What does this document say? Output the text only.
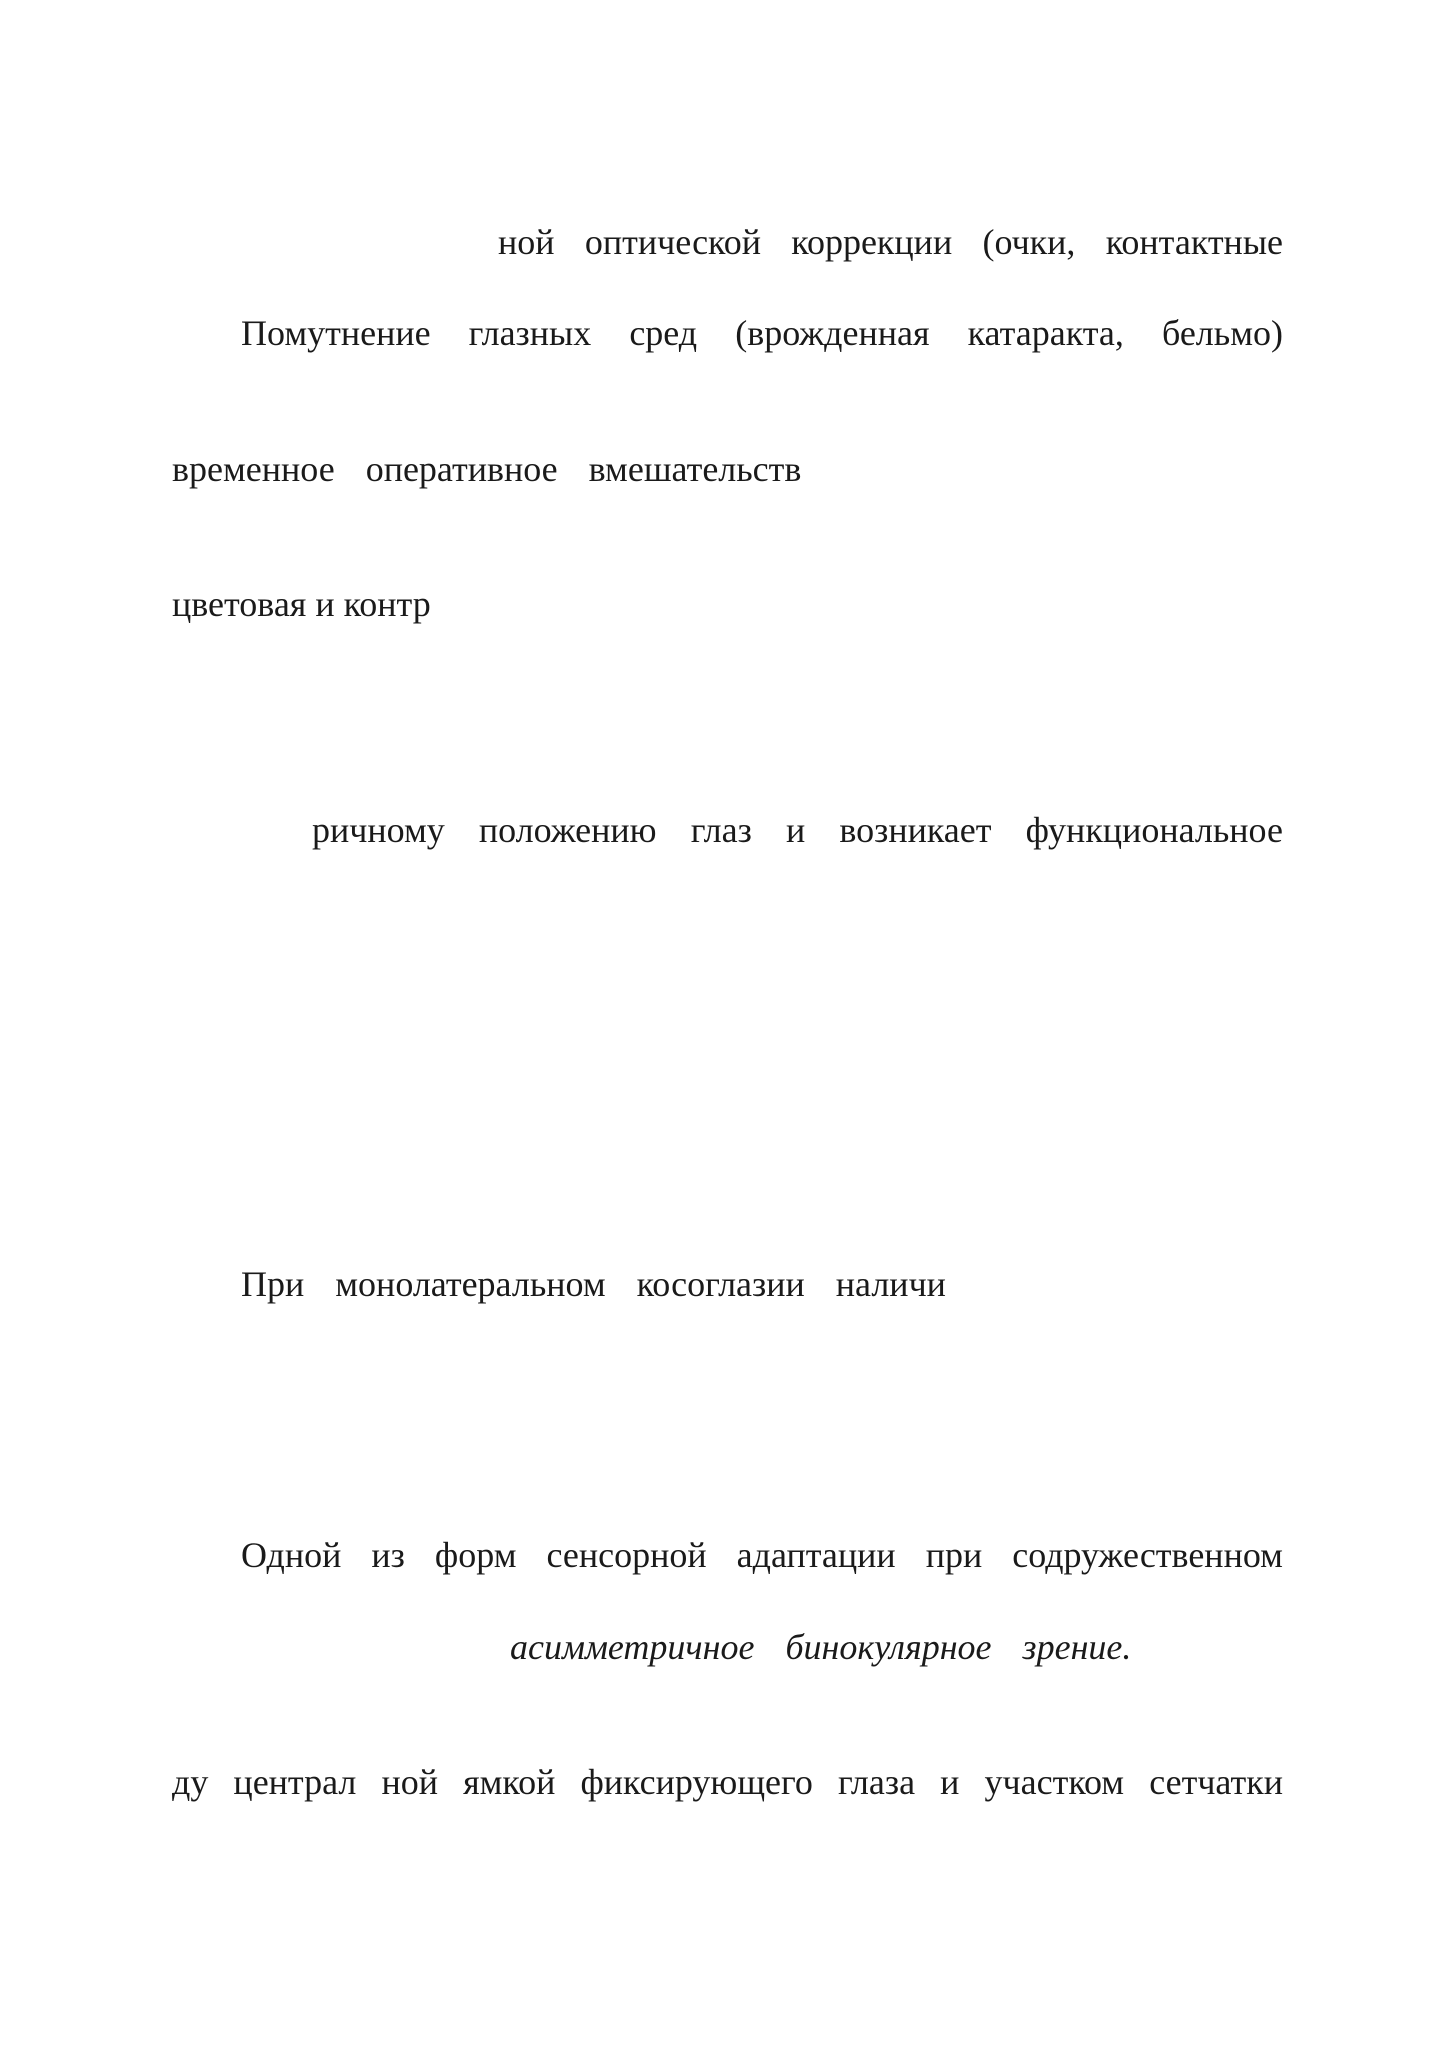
ной оптической коррекции (очки, контактные
Помутнение глазных сред (врожденная катаракта, бельмо)
временное оперативное вмешательств
цветовая и контр
ричному положению глаз и возникает функциональное
При монолатеральном косоглазии наличи
Одной из форм сенсорной адаптации при содружественном
асимметричное бинокулярное зрение.
ду централ ной ямкой фиксирующего глаза и участком сетчатки
